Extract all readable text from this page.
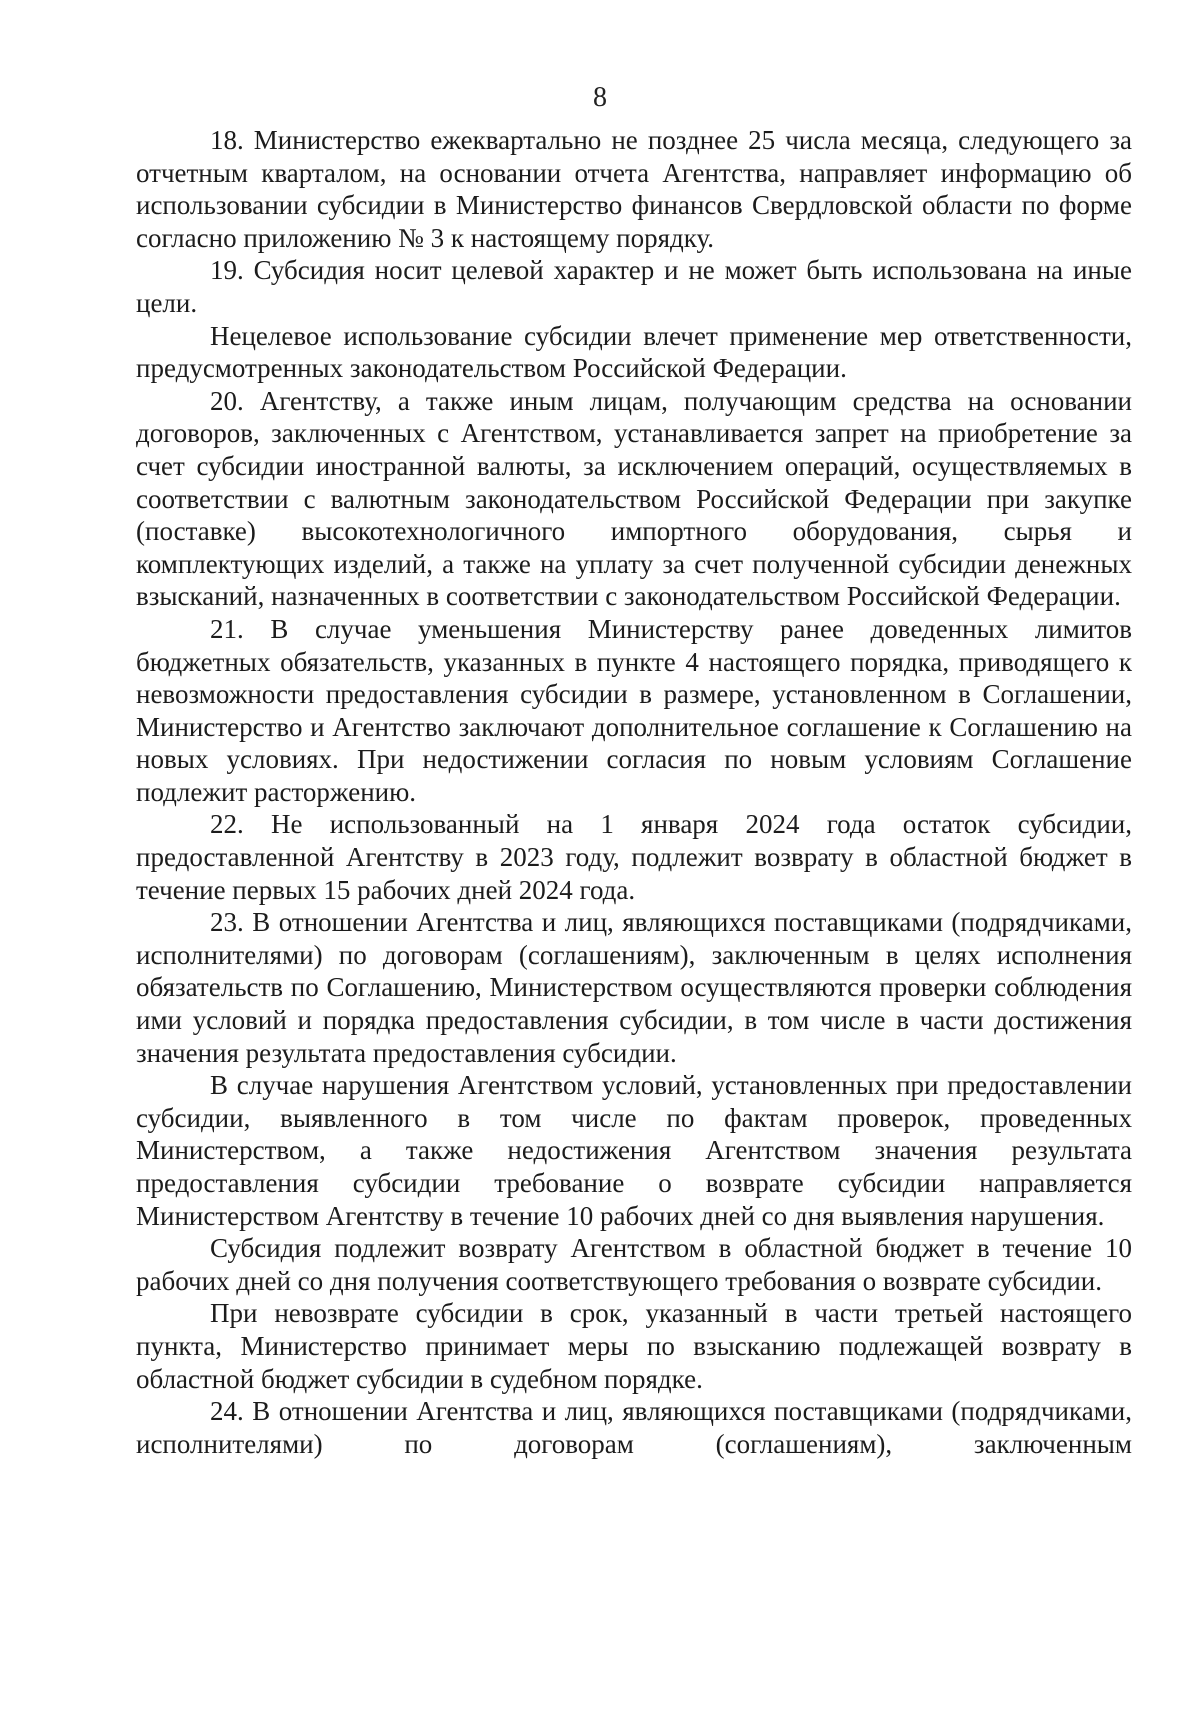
8

18. Министерство ежеквартально не позднее 25 числа месяца, следующего за отчетным кварталом, на основании отчета Агентства, направляет информацию об использовании субсидии в Министерство финансов Свердловской области по форме согласно приложению № 3 к настоящему порядку.

19. Субсидия носит целевой характер и не может быть использована на иные цели.

Нецелевое использование субсидии влечет применение мер ответственности, предусмотренных законодательством Российской Федерации.

20. Агентству, а также иным лицам, получающим средства на основании договоров, заключенных с Агентством, устанавливается запрет на приобретение за счет субсидии иностранной валюты, за исключением операций, осуществляемых в соответствии с валютным законодательством Российской Федерации при закупке (поставке) высокотехнологичного импортного оборудования, сырья и комплектующих изделий, а также на уплату за счет полученной субсидии денежных взысканий, назначенных в соответствии с законодательством Российской Федерации.

21. В случае уменьшения Министерству ранее доведенных лимитов бюджетных обязательств, указанных в пункте 4 настоящего порядка, приводящего к невозможности предоставления субсидии в размере, установленном в Соглашении, Министерство и Агентство заключают дополнительное соглашение к Соглашению на новых условиях. При недостижении согласия по новым условиям Соглашение подлежит расторжению.

22. Не использованный на 1 января 2024 года остаток субсидии, предоставленной Агентству в 2023 году, подлежит возврату в областной бюджет в течение первых 15 рабочих дней 2024 года.

23. В отношении Агентства и лиц, являющихся поставщиками (подрядчиками, исполнителями) по договорам (соглашениям), заключенным в целях исполнения обязательств по Соглашению, Министерством осуществляются проверки соблюдения ими условий и порядка предоставления субсидии, в том числе в части достижения значения результата предоставления субсидии.

В случае нарушения Агентством условий, установленных при предоставлении субсидии, выявленного в том числе по фактам проверок, проведенных Министерством, а также недостижения Агентством значения результата предоставления субсидии требование о возврате субсидии направляется Министерством Агентству в течение 10 рабочих дней со дня выявления нарушения.

Субсидия подлежит возврату Агентством в областной бюджет в течение 10 рабочих дней со дня получения соответствующего требования о возврате субсидии.

При невозврате субсидии в срок, указанный в части третьей настоящего пункта, Министерство принимает меры по взысканию подлежащей возврату в областной бюджет субсидии в судебном порядке.

24. В отношении Агентства и лиц, являющихся поставщиками (подрядчиками, исполнителями) по договорам (соглашениям), заключенным
